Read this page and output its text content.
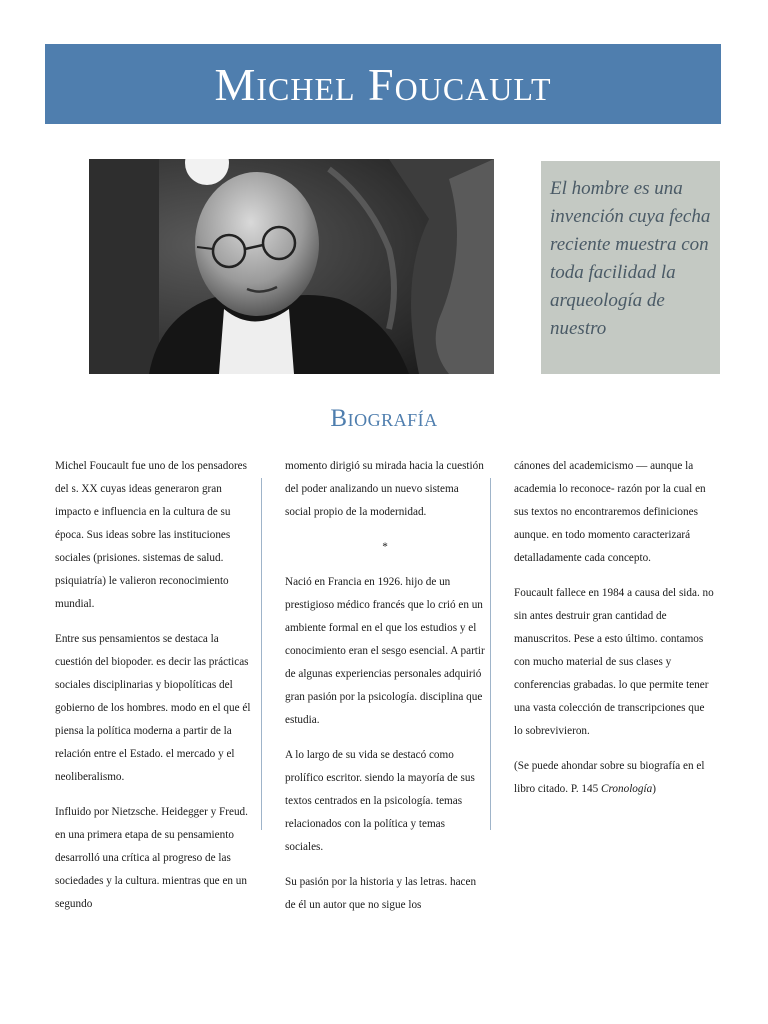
Michel Foucault
El hombre es una invención cuya fecha reciente muestra con toda facilidad la arqueología de nuestro
Biografía

Michel Foucault fue uno de los pensadores del s. XX cuyas ideas generaron gran impacto e influencia en la cultura de su época. Sus ideas sobre las instituciones sociales (prisiones. sistemas de salud. psiquiatría) le valieron reconocimiento mundial.

Entre sus pensamientos se destaca la cuestión del biopoder. es decir las prácticas sociales disciplinarias y biopolíticas del gobierno de los hombres. modo en el que él piensa la política moderna a partir de la relación entre el Estado. el mercado y el neoliberalismo.

Influido por Nietzsche. Heidegger y Freud. en una primera etapa de su pensamiento desarrolló una crítica al progreso de las sociedades y la cultura. mientras que en un segundo

momento dirigió su mirada hacia la cuestión del poder analizando un nuevo sistema social propio de la modernidad.

*

Nació en Francia en 1926. hijo de un prestigioso médico francés que lo crió en un ambiente formal en el que los estudios y el conocimiento eran el sesgo esencial. A partir de algunas experiencias personales adquirió gran pasión por la psicología. disciplina que estudia.

A lo largo de su vida se destacó como prolífico escritor. siendo la mayoría de sus textos centrados en la psicología. temas relacionados con la política y temas sociales.

Su pasión por la historia y las letras. hacen de él un autor que no sigue los

cánones del academicismo — aunque la academia lo reconoce- razón por la cual en sus textos no encontraremos definiciones aunque. en todo momento caracterizará detalladamente cada concepto.

Foucault fallece en 1984 a causa del sida. no sin antes destruir gran cantidad de manuscritos. Pese a esto último. contamos con mucho material de sus clases y conferencias grabadas. lo que permite tener una vasta colección de transcripciones que lo sobrevivieron.

(Se puede ahondar sobre su biografía en el libro citado. P. 145 Cronología)
